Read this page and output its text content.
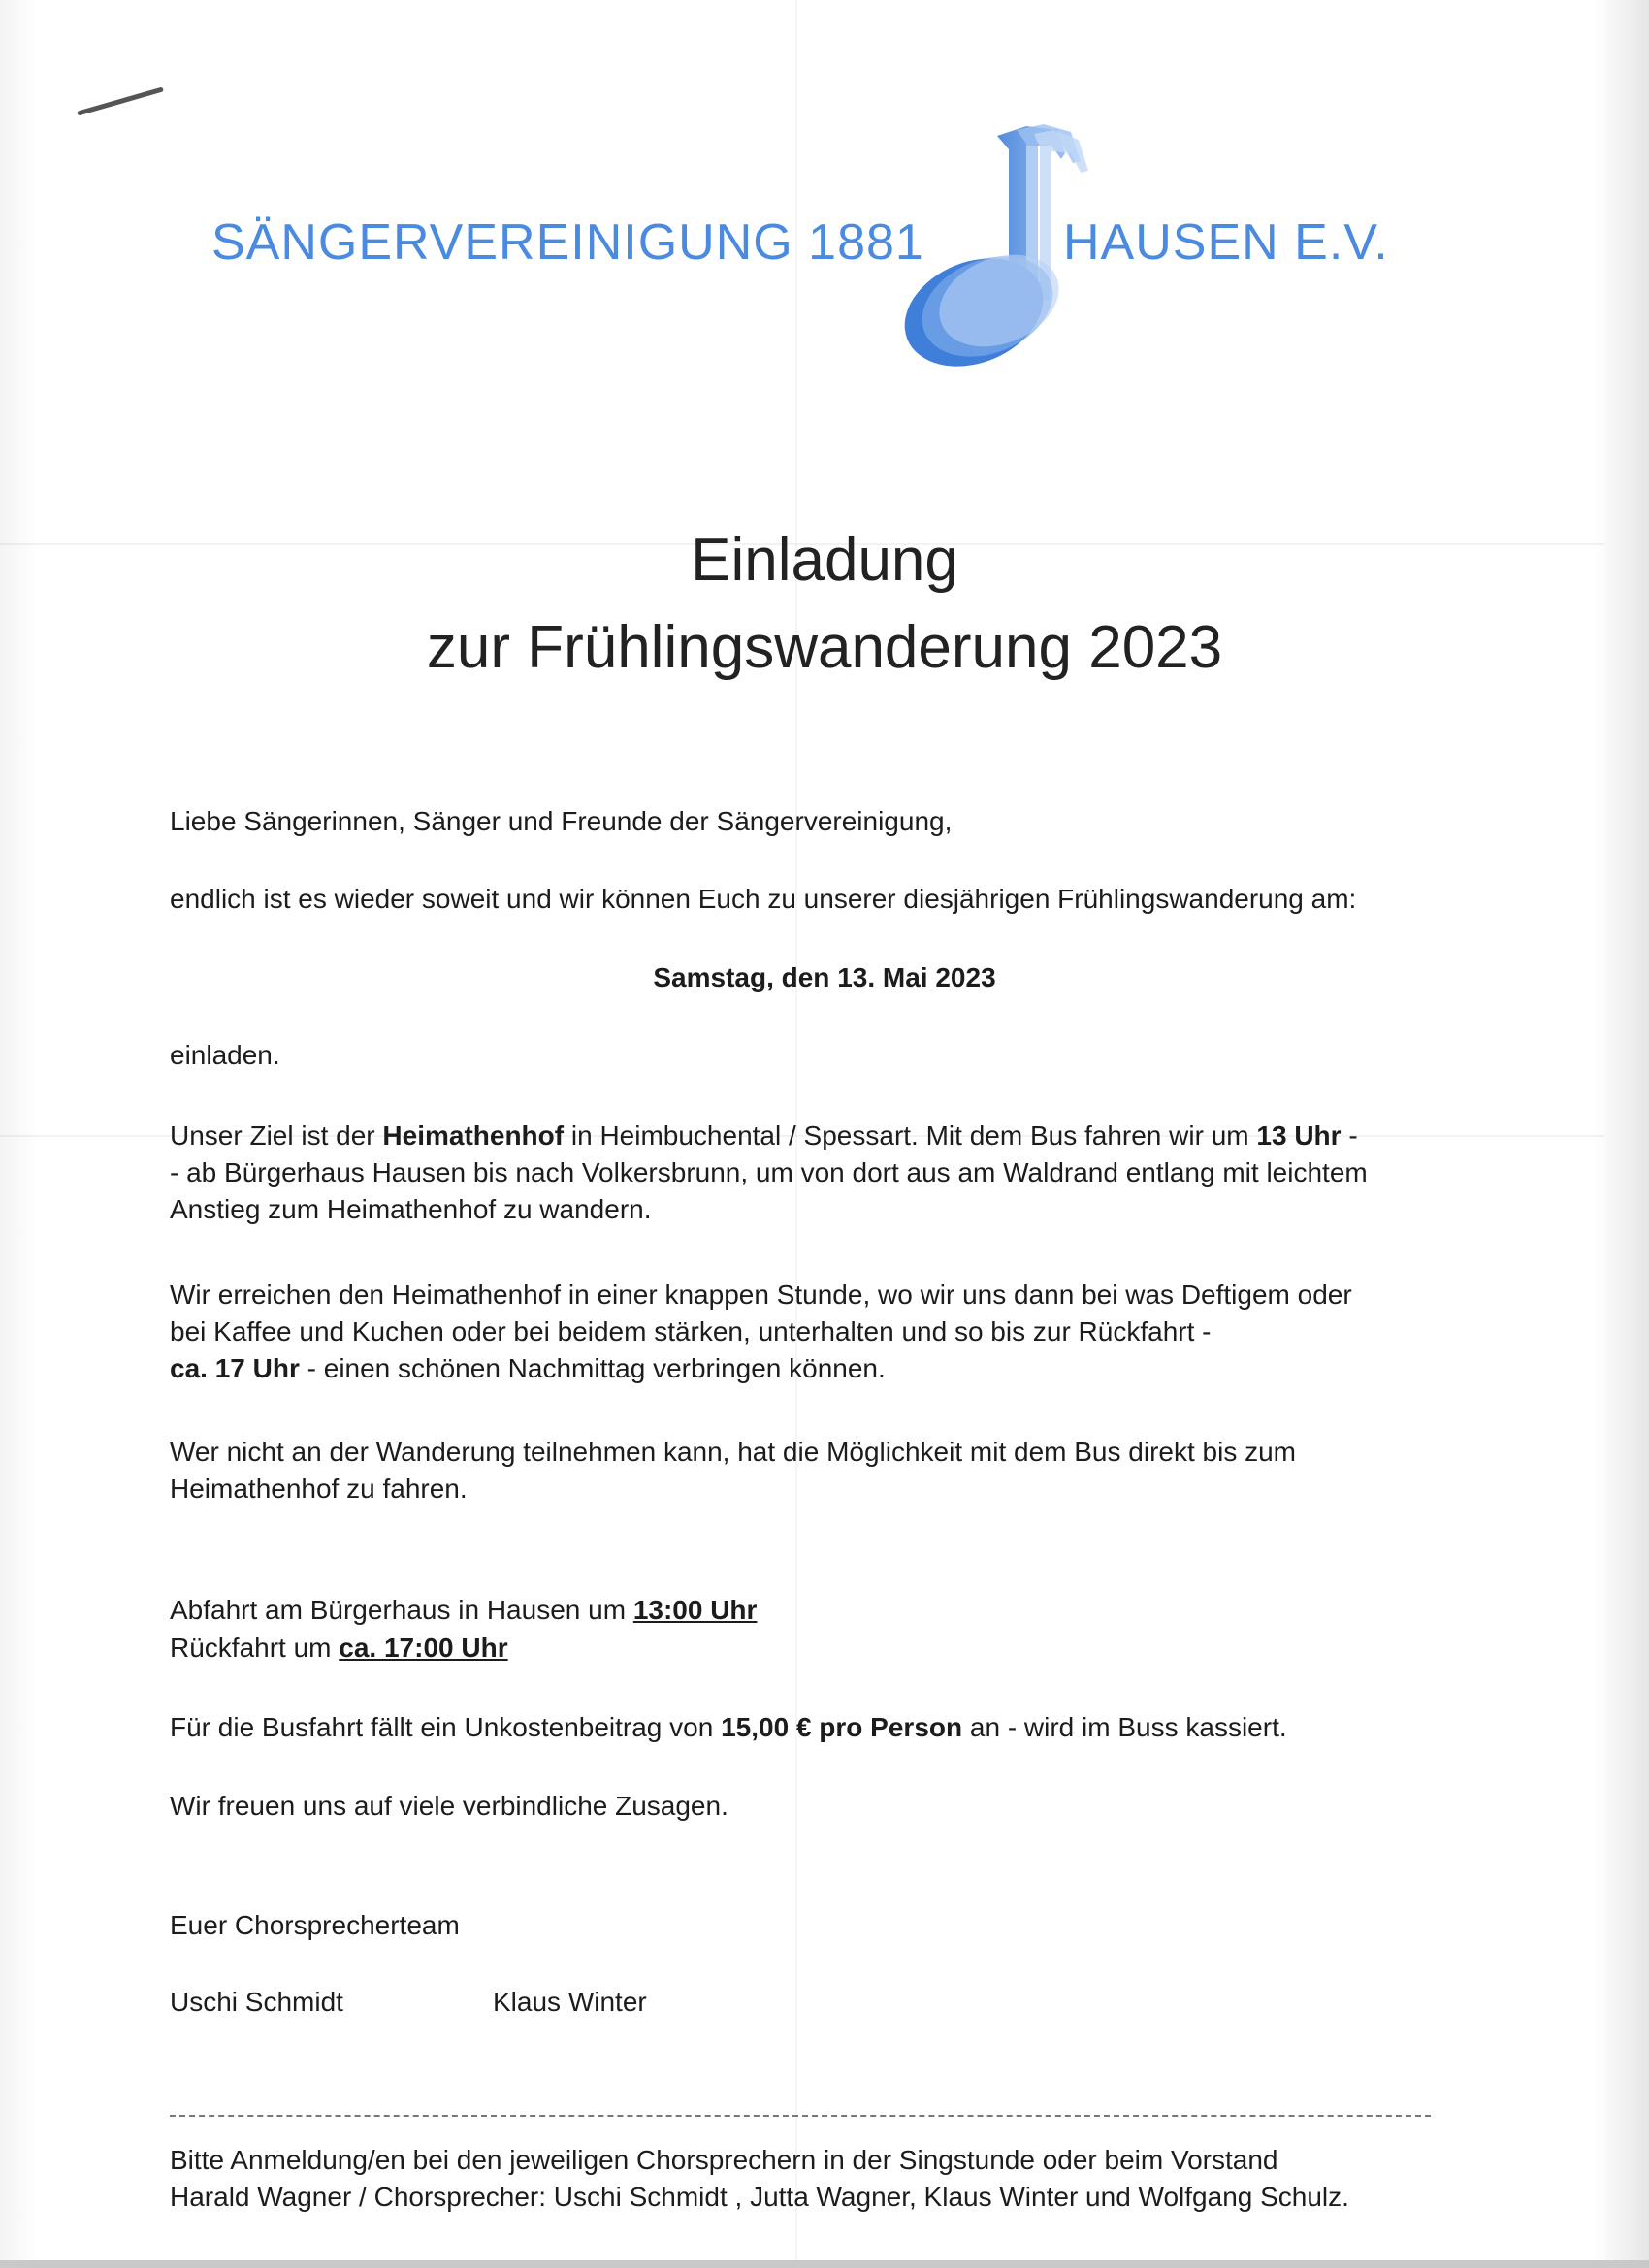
SÄNGERVEREINIGUNG 1881	HAUSEN E.V.
Einladung
zur Frühlingswanderung 2023
Liebe Sängerinnen, Sänger und Freunde der Sängervereinigung,
endlich ist es wieder soweit und wir können Euch zu unserer diesjährigen Frühlingswanderung am:
Samstag, den 13. Mai 2023
einladen.
Unser Ziel ist der Heimathenhof in Heimbuchental / Spessart. Mit dem Bus fahren wir um 13 Uhr -
- ab Bürgerhaus Hausen bis nach Volkersbrunn, um von dort aus am Waldrand entlang mit leichtem
Anstieg zum Heimathenhof zu wandern.
Wir erreichen den Heimathenhof in einer knappen Stunde, wo wir uns dann bei was Deftigem oder
bei Kaffee und Kuchen oder bei beidem stärken, unterhalten und so bis zur Rückfahrt -
ca. 17 Uhr - einen schönen Nachmittag verbringen können.
Wer nicht an der Wanderung teilnehmen kann, hat die Möglichkeit mit dem Bus direkt bis zum
Heimathenhof zu fahren.
Abfahrt am Bürgerhaus in Hausen um 13:00 Uhr
Rückfahrt um ca. 17:00 Uhr
Für die Busfahrt fällt ein Unkostenbeitrag von 15,00 € pro Person an - wird im Buss kassiert.
Wir freuen uns auf viele verbindliche Zusagen.
Euer Chorsprecherteam
Uschi Schmidt	Klaus Winter
Bitte Anmeldung/en bei den jeweiligen Chorsprechern in der Singstunde oder beim Vorstand
Harald Wagner / Chorsprecher: Uschi Schmidt , Jutta Wagner, Klaus Winter und Wolfgang Schulz.
